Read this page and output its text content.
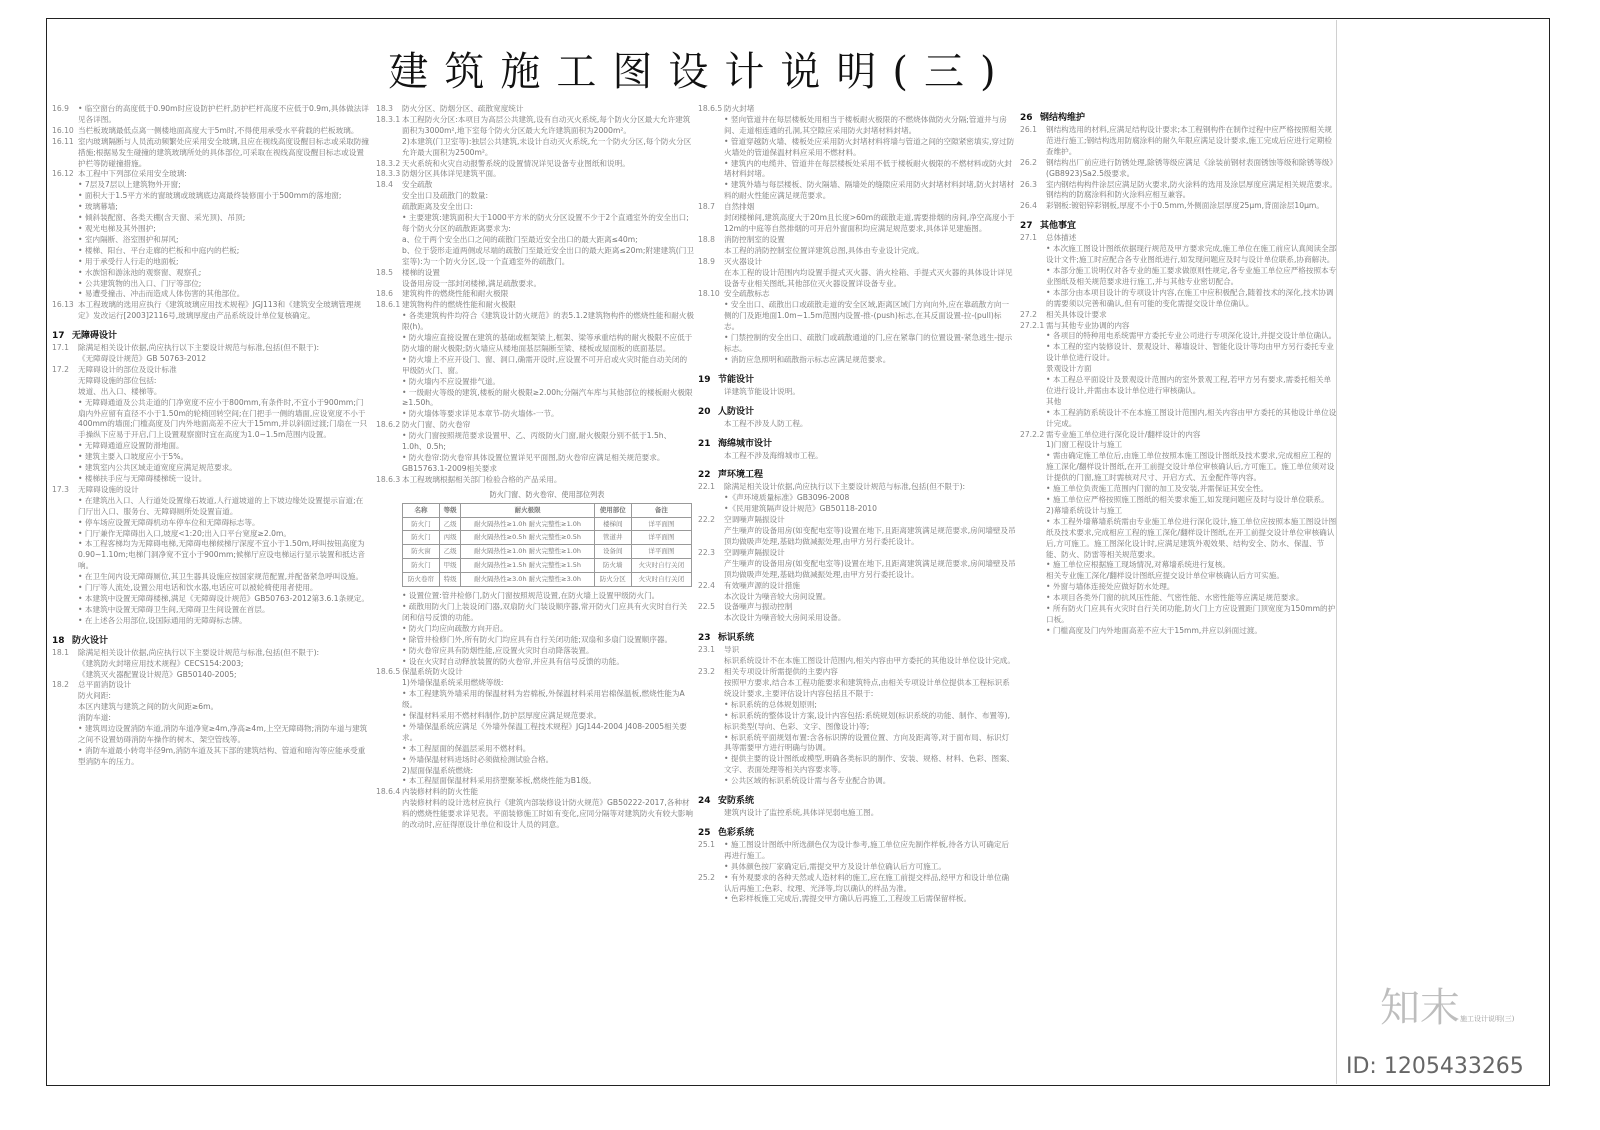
建筑施工图设计说明(三)
16.9	• 临空窗台的高度低于0.90m时应设防护栏杆,防护栏杆高度不应低于0.9m,具体做法详见各详图。
16.10 当栏板玻璃最低点离一侧楼地面高度大于5m时,不得使用承受水平荷载的栏板玻璃。
16.11 室内玻璃隔断与人员流动频繁处应采用安全玻璃,且应在视线高度设醒目标志或采取防撞措施;根据易发生碰撞的建筑玻璃所处的具体部位,可采取在视线高度设醒目标志或设置护栏等防碰撞措施。
16.12 本工程中下列部位采用安全玻璃:
• 7层及7层以上建筑物外开窗;
• 面积大于1.5平方米的窗玻璃或玻璃底边离最终装修面小于500mm的落地窗;
• 玻璃幕墙;
• 倾斜装配窗、各类天棚(含天窗、采光顶)、吊顶;
• 观光电梯及其外围护;
• 室内隔断、浴室围护和屏风;
• 楼梯、阳台、平台走廊的栏板和中庭内的栏板;
• 用于承受行人行走的地面板;
• 水族馆和游泳池的观察窗、观察孔;
• 公共建筑物的出入口、门厅等部位;
• 易遭受撞击、冲击而造成人体伤害的其他部位。
16.13 本工程玻璃的选用应执行《建筑玻璃应用技术规程》JGJ113和《建筑安全玻璃管理规定》发改运行[2003]2116号,玻璃厚度由产品系统设计单位复核确定。
17 无障碍设计
17.1	除满足相关设计依据,尚应执行以下主要设计规范与标准,包括(但不限于):
《无障碍设计规范》GB 50763-2012
17.2	无障碍设计的部位及设计标准
无障碍设施的部位包括:
坡道、出入口、楼梯等。
• 无障碍通道及公共走道的门净宽度不应小于800mm,有条件时,不宜小于900mm;门扇内外应留有直径不小于1.50m的轮椅回转空间;在门把手一侧的墙面,应设宽度不小于400mm的墙面;门槛高度及门内外地面高差不应大于15mm,并以斜面过渡;门扇在一只手操纵下应易于开启,门上设置观察窗时宜在高度为1.0~1.5m范围内设置。
• 无障碍通道应设置防滑地面。
• 建筑主要入口坡度应小于5%。
• 建筑室内公共区域走道宽度应满足规范要求。
• 楼梯扶手应与无障碍楼梯统一设计。
17.3	无障碍设施的设计
• 在建筑出入口、人行道处设置缘石坡道,人行道坡道的上下坡边缘处设置提示盲道;在门厅出入口、服务台、无障碍厕所处设置盲道。
• 停车场应设置无障碍机动车停车位和无障碍标志等。
• 门厅兼作无障碍出入口,坡度<1:20;出入口平台宽度≥2.0m。
• 本工程客梯均为无障碍电梯,无障碍电梯候梯厅深度不宜小于1.50m,呼叫按钮高度为0.90~1.10m;电梯门洞净宽不宜小于900mm;候梯厅应设电梯运行显示装置和抵达音响。
• 在卫生间内设无障碍厕位,其卫生器具设施应按国家规范配置,并配备紧急呼叫设施。
• 门厅等人流处,设置公用电话和饮水器,电话应可以被轮椅使用者使用。
• 本建筑中设置无障碍楼梯,满足《无障碍设计规范》GB50763-2012第3.6.1条规定。
• 本建筑中设置无障碍卫生间,无障碍卫生间设置在首层。
• 在上述各公用部位,设国际通用的无障碍标志牌。
18 防火设计
18.1	除满足相关设计依据,尚应执行以下主要设计规范与标准,包括(但不限于):
《建筑防火封堵应用技术规程》CECS154:2003;
《建筑灭火器配置设计规范》GB50140-2005;
18.2	总平面消防设计
防火间距:
本区内建筑与建筑之间的防火间距≥6m。
消防车道:
• 建筑周边设置消防车道,消防车道净宽≥4m,净高≥4m,上空无障碍物;消防车道与建筑之间不设置妨碍消防车操作的树木、架空管线等。
• 消防车道最小转弯半径9m,消防车道及其下部的建筑结构、管道和暗沟等应能承受重型消防车的压力。
18.3	防火分区、防烟分区、疏散宽度统计
18.3.1 本工程防火分区:本项目为高层公共建筑,设有自动灭火系统,每个防火分区最大允许建筑面积为3000m²,地下室每个防火分区最大允许建筑面积为2000m²。
2)本建筑(门卫室等):独层公共建筑,未设计自动灭火系统,允一个防火分区,每个防火分区允许最大面积为2500m²。
18.3.2 天火系统和火灾自动报警系统的设置情况详见设备专业图纸和说明。
18.3.3 防烟分区具体详见建筑平面。
18.4	安全疏散
安全出口及疏散门的数量:
疏散距离及安全出口:
• 主要建筑:建筑面积大于1000平方米的防火分区设置不少于2个直通室外的安全出口;
每个防火分区的疏散距离要求为:
a、位于两个安全出口之间的疏散门至最近安全出口的最大距离≤40m;
b、位于袋形走道两侧或尽端的疏散门至最近安全出口的最大距离≤20m;附建建筑(门卫室等):为一个防火分区,设一个直通室外的疏散门。
18.5	楼梯的设置
设备用房设一部封闭楼梯,满足疏散要求。
18.6	建筑构件的燃烧性能和耐火极限
18.6.1 建筑物构件的燃烧性能和耐火极限
• 各类建筑构件均符合《建筑设计防火规范》的表5.1.2建筑物构件的燃烧性能和耐火极限(h)。
• 防火墙应直接设置在建筑的基础或框架梁上,框架、梁等承重结构的耐火极限不应低于防火墙的耐火极限;防火墙应从楼地面基层隔断至梁、楼板或屋面板的底面基层。
• 防火墙上不应开设门、窗、洞口,确需开设时,应设置不可开启或火灾时能自动关闭的甲级防火门、窗。
• 防火墙内不应设置排气道。
• 一级耐火等级的建筑,楼板的耐火极限≥2.00h;分隔汽车库与其他部位的楼板耐火极限≥1.50h。
• 防火墙体等要求详见本章节-防火墙体-一节。
18.6.2 防火门窗、防火卷帘
• 防火门窗按照规范要求设置甲、乙、丙级防火门窗,耐火极限分别不低于1.5h、1.0h、0.5h;
• 防火卷帘:防火卷帘具体设置位置详见平面图,防火卷帘应满足相关规范要求。
GB15763.1-2009相关要求
18.6.3 本工程玻璃根据相关部门检验合格的产品采用。
防火门窗、防火卷帘、使用部位列表
名称	等级	耐火极限	使用部位	备注
防火门	乙级	耐火隔热性≥1.0h 耐火完整性≥1.0h	楼梯间	详平面图
防火门	丙级	耐火隔热性≥0.5h 耐火完整性≥0.5h	管道井	详平面图
防火窗	乙级	耐火隔热性≥1.0h 耐火完整性≥1.0h	设备间	详平面图
防火门	甲级	耐火隔热性≥1.5h 耐火完整性≥1.5h	防火墙	火灾时自行关闭
防火卷帘	特级	耐火隔热性≥3.0h 耐火完整性≥3.0h	防火分区	火灾时自行关闭
• 设置位置:管井检修门,防火门窗按照规范设置,在防火墙上设置甲级防火门。
• 疏散用防火门上装设闭门器,双扇防火门装设顺序器,常开防火门应具有火灾时自行关闭和信号反馈的功能。
• 防火门均应向疏散方向开启。
• 除管井检修门外,所有防火门均应具有自行关闭功能;双扇和多扇门设置顺序器。
• 防火卷帘应具有防烟性能,应设置火灾时自动降落装置。
• 设在火灾时自动释放装置的防火卷帘,并应具有信号反馈的功能。
18.6.5 保温系统防火设计
1)外墙保温系统采用燃烧等级:
• 本工程建筑外墙采用的保温材料为岩棉板,外保温材料采用岩棉保温板,燃烧性能为A级。
• 保温材料采用不燃材料制作,防护层厚度应满足规范要求。
• 外墙保温系统应满足《外墙外保温工程技术规程》JGJ144-2004 J408-2005相关要求。
• 本工程屋面的保温层采用不燃材料。
• 外墙保温材料进场时必须做检测试验合格。
2)屋面保温系统燃烧:
• 本工程屋面保温材料采用挤塑聚苯板,燃烧性能为B1级。
18.6.4 内装修材料的防火性能
内装修材料的设计选材应执行《建筑内部装修设计防火规范》GB50222-2017,各种材料的燃烧性能要求详见表。平面装修施工时如有变化,应同分隔等对建筑防火有较大影响的改动时,应征得原设计单位和设计人员的同意。
18.6.5 防火封堵
• 竖向管道井在每层楼板处用相当于楼板耐火极限的不燃烧体做防火分隔;管道井与房间、走道相连通的孔洞,其空隙应采用防火封堵材料封堵。
• 管道穿越防火墙、楼板处应采用防火封堵材料将墙与管道之间的空隙紧密填实,穿过防火墙处的管道保温材料应采用不燃材料。
• 建筑内的电缆井、管道井在每层楼板处采用不低于楼板耐火极限的不燃材料或防火封堵材料封堵。
• 建筑外墙与每层楼板、防火隔墙、隔墙处的缝隙应采用防火封堵材料封堵,防火封堵材料的耐火性能应满足规范要求。
18.7	自然排烟
封闭楼梯间,建筑高度大于20m且长度>60m的疏散走道,需要排烟的房间,净空高度小于12m的中庭等自然排烟的可开启外窗面积均应满足规范要求,具体详见建施图。
18.8	消防控制室的设置
本工程的消防控制室位置详建筑总图,具体由专业设计完成。
18.9	灭火器设计
在本工程的设计范围内均设置手提式灭火器、消火栓箱、手提式灭火器的具体设计详见设备专业相关图纸,其他部位灭火器设置详设备专业。
18.10 安全疏散标志
• 安全出口、疏散出口或疏散走道的安全区域,距离区域门方向向外,应在靠疏散方向一侧的门及距地面1.0m~1.5m范围内设置-推-(push)标志,在其反面设置-拉-(pull)标志。
• 门禁控制的安全出口、疏散门或疏散通道的门,应在紧靠门的位置设置-紧急逃生-提示标志。
• 消防应急照明和疏散指示标志应满足规范要求。
19 节能设计
详建筑节能设计说明。
20 人防设计
本工程不涉及人防工程。
21 海绵城市设计
本工程不涉及海绵城市工程。
22 声环境工程
22.1	除满足相关设计依据,尚应执行以下主要设计规范与标准,包括(但不限于):
•《声环境质量标准》GB3096-2008
•《民用建筑隔声设计规范》GB50118-2010
22.2	空调噪声隔振设计
产生噪声的设备用房(如变配电室等)设置在地下,且距离建筑满足规范要求,房间墙壁及吊顶均做吸声处理,基础均做减振处理,由甲方另行委托设计。
22.3	空调噪声隔振设计
产生噪声的设备用房(如变配电室等)设置在地下,且距离建筑满足规范要求,房间墙壁及吊顶均做吸声处理,基础均做减振处理,由甲方另行委托设计。
22.4	有效噪声源的设计措施
本次设计为噪音较大房间设置。
22.5	设备噪声与振动控制
本次设计为噪音较大房间采用设备。
23 标识系统
23.1	导识
标识系统设计不在本施工图设计范围内,相关内容由甲方委托的其他设计单位设计完成。
23.2	相关专项设计所需提供的主要内容
按照甲方要求,结合本工程功能要求和建筑特点,由相关专项设计单位提供本工程标识系统设计要求,主要评估设计内容包括且不限于:
• 标识系统的总体规划原则;
• 标识系统的整体设计方案,设计内容包括:系统规划(标识系统的功能、制作、布置等),标识类型(导向、色彩、文字、图像设计)等;
• 标识系统平面规划布置:含各标识牌的设置位置、方向及距离等,对于面布局、标识灯具等需要甲方进行明确与协调。
• 提供主要的设计图纸或模型,明确各类标识的制作、安装、规格、材料、色彩、图案、文字、表面处理等相关内容要求等。
• 公共区域的标识系统设计需与各专业配合协调。
24 安防系统
建筑内设计了监控系统,具体详见弱电施工图。
25 色彩系统
25.1	• 施工图设计图纸中所选颜色仅为设计参考,施工单位应先制作样板,待各方认可确定后再进行施工。
• 具体颜色按厂家确定后,需提交甲方及设计单位确认后方可施工。
25.2	• 有外观要求的各种天然或人造材料的施工,应在施工前提交样品,经甲方和设计单位确认后再施工;色彩、纹理、光泽等,均以确认的样品为准。
• 色彩样板施工完成后,需提交甲方确认后再施工,工程竣工后需保留样板。
26 钢结构维护
26.1	钢结构选用的材料,应满足结构设计要求;本工程钢构件在制作过程中应严格按照相关规范进行施工;钢结构选用防腐涂料的耐久年限应满足设计要求,施工完成后应进行定期检查维护。
26.2	钢结构出厂前应进行防锈处理,除锈等级应满足《涂装前钢材表面锈蚀等级和除锈等级》(GB8923)Sa2.5级要求。
26.3	室内钢结构构件涂层应满足防火要求,防火涂料的选用及涂层厚度应满足相关规范要求。钢结构的防腐涂料和防火涂料应相互兼容。
26.4	彩钢板:镀铝锌彩钢板,厚度不小于0.5mm,外侧面涂层厚度25μm,背面涂层10μm。
27 其他事宜
27.1	总体描述
• 本次施工图设计图纸依据现行规范及甲方要求完成,施工单位在施工前应认真阅读全部设计文件;施工时应配合各专业图纸进行,如发现问题应及时与设计单位联系,协商解决。
• 本部分施工说明仅对各专业的施工要求做原则性规定,各专业施工单位应严格按照本专业图纸及相关规范要求进行施工,并与其他专业密切配合。
• 本部分由本项目设计的专项设计内容,在施工中应积极配合,随着技术的深化,技术协调的需要须以完善和确认,但有可能的变化需提交设计单位确认。
27.2	相关具体设计要求
27.2.1 需与其他专业协调的内容
• 各项目的特种用电系统需甲方委托专业公司进行专项深化设计,并提交设计单位确认。
• 本工程的室内装修设计、景观设计、幕墙设计、智能化设计等均由甲方另行委托专业设计单位进行设计。
景观设计方面
• 本工程总平面设计及景观设计范围内的室外景观工程,若甲方另有要求,需委托相关单位进行设计,并需由本设计单位进行审核确认。
其他
• 本工程消防系统设计不在本施工图设计范围内,相关内容由甲方委托的其他设计单位设计完成。
27.2.2 需专业施工单位进行深化设计/翻样设计的内容
1)门窗工程设计与施工
• 需由确定施工单位后,由施工单位按照本施工图设计图纸及技术要求,完成相应工程的施工深化/翻样设计图纸,在开工前提交设计单位审核确认后,方可施工。施工单位须对设计提供的门窗,施工时需核对尺寸、开启方式、五金配件等内容。
• 施工单位负责施工范围内门窗的加工及安装,并需保证其安全性。
• 施工单位应严格按照施工图纸的相关要求施工,如发现问题应及时与设计单位联系。
2)幕墙系统设计与施工
• 本工程外墙幕墙系统需由专业施工单位进行深化设计,施工单位应按照本施工图设计图纸及技术要求,完成相应工程的施工深化/翻样设计图纸,在开工前提交设计单位审核确认后,方可施工。施工图深化设计时,应满足建筑外观效果、结构安全、防水、保温、节能、防火、防雷等相关规范要求。
• 施工单位应根据施工现场情况,对幕墙系统进行复核。
相关专业施工深化/翻样设计图纸应提交设计单位审核确认后方可实施。
• 外窗与墙体连接处应做好防水处理。
• 本项目各类外门窗的抗风压性能、气密性能、水密性能等应满足规范要求。
• 所有防火门应具有火灾时自行关闭功能,防火门上方应设置距门顶宽度为150mm的护口板。
• 门槛高度及门内外地面高差不应大于15mm,并应以斜面过渡。
知末 施工设计说明(三)
ID: 1205433265
